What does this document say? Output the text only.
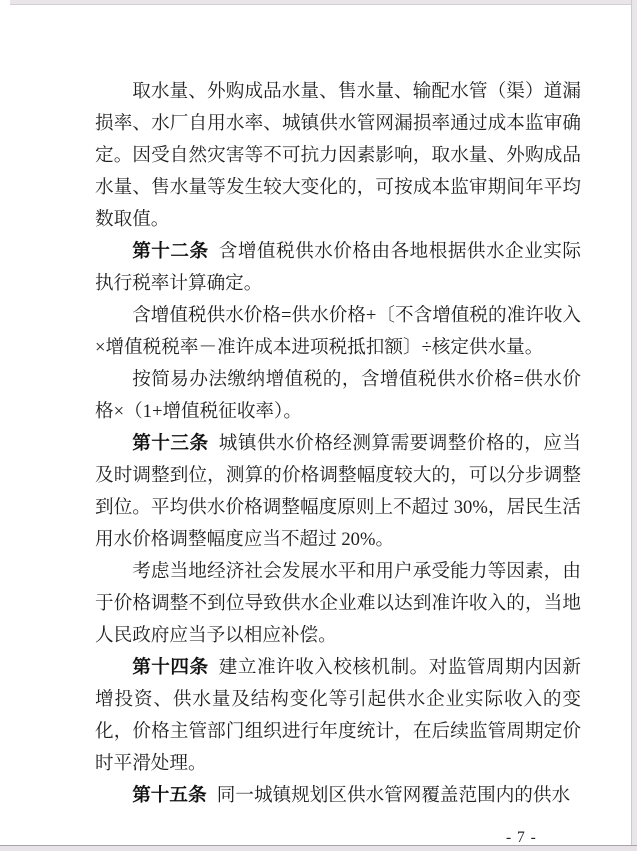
取水量、外购成品水量、售水量、输配水管（渠）道漏损率、水厂自用水率、城镇供水管网漏损率通过成本监审确定。因受自然灾害等不可抗力因素影响，取水量、外购成品水量、售水量等发生较大变化的，可按成本监审期间年平均数取值。

第十二条 含增值税供水价格由各地根据供水企业实际执行税率计算确定。

含增值税供水价格=供水价格+〔不含增值税的准许收入×增值税税率－准许成本进项税抵扣额〕÷核定供水量。

按简易办法缴纳增值税的，含增值税供水价格=供水价格×（1+增值税征收率）。

第十三条 城镇供水价格经测算需要调整价格的，应当及时调整到位，测算的价格调整幅度较大的，可以分步调整到位。平均供水价格调整幅度原则上不超过 30%，居民生活用水价格调整幅度应当不超过 20%。

考虑当地经济社会发展水平和用户承受能力等因素，由于价格调整不到位导致供水企业难以达到准许收入的，当地人民政府应当予以相应补偿。

第十四条 建立准许收入校核机制。对监管周期内因新增投资、供水量及结构变化等引起供水企业实际收入的变化，价格主管部门组织进行年度统计，在后续监管周期定价时平滑处理。

第十五条 同一城镇规划区供水管网覆盖范围内的供水

- 7 -
